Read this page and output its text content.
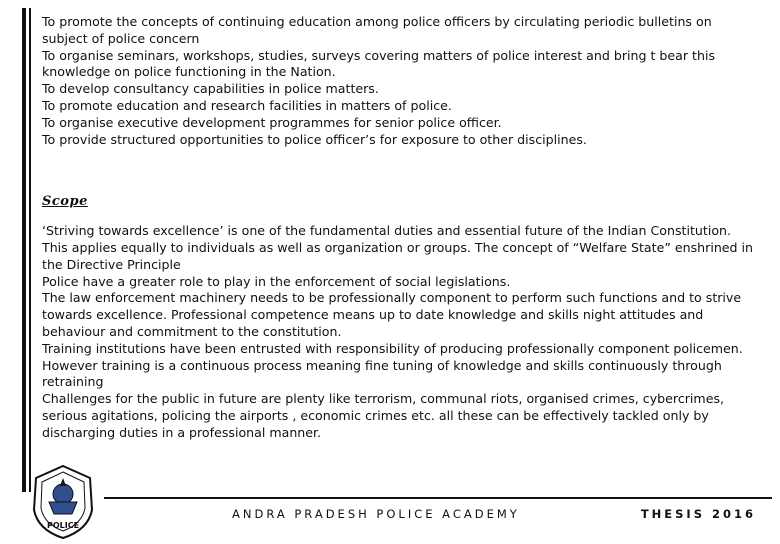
To promote the concepts of continuing education among police officers by circulating periodic bulletins on subject of police concern
To organise seminars, workshops, studies, surveys covering matters of police interest and bring t bear this knowledge on police functioning in the Nation.
To develop consultancy capabilities in police matters.
To promote education and research facilities in matters of police.
To organise executive development programmes for senior police officer.
To provide structured opportunities to police officer’s for exposure to other disciplines.
Scope

‘Striving towards excellence’ is one of the fundamental duties and essential future of the Indian Constitution.

This applies equally to individuals as well as organization or groups. The concept of “Welfare State” enshrined in the Directive Principle

Police have a greater role to play in the enforcement of social legislations.

The law enforcement machinery needs to be professionally component to perform such functions and to strive towards excellence. Professional competence means up to date knowledge and skills night attitudes and behaviour and commitment to the constitution.

Training institutions have been entrusted with responsibility of producing professionally component policemen. However training is a continuous process meaning fine tuning of knowledge and skills continuously through retraining

Challenges for the public in future are plenty like terrorism, communal riots, organised crimes, cybercrimes, serious agitations, policing the airports , economic crimes etc. all these can be effectively tackled only by discharging duties in a professional manner.

POLICE
ANDRA PRADESH POLICE ACADEMY	THESIS 2016
